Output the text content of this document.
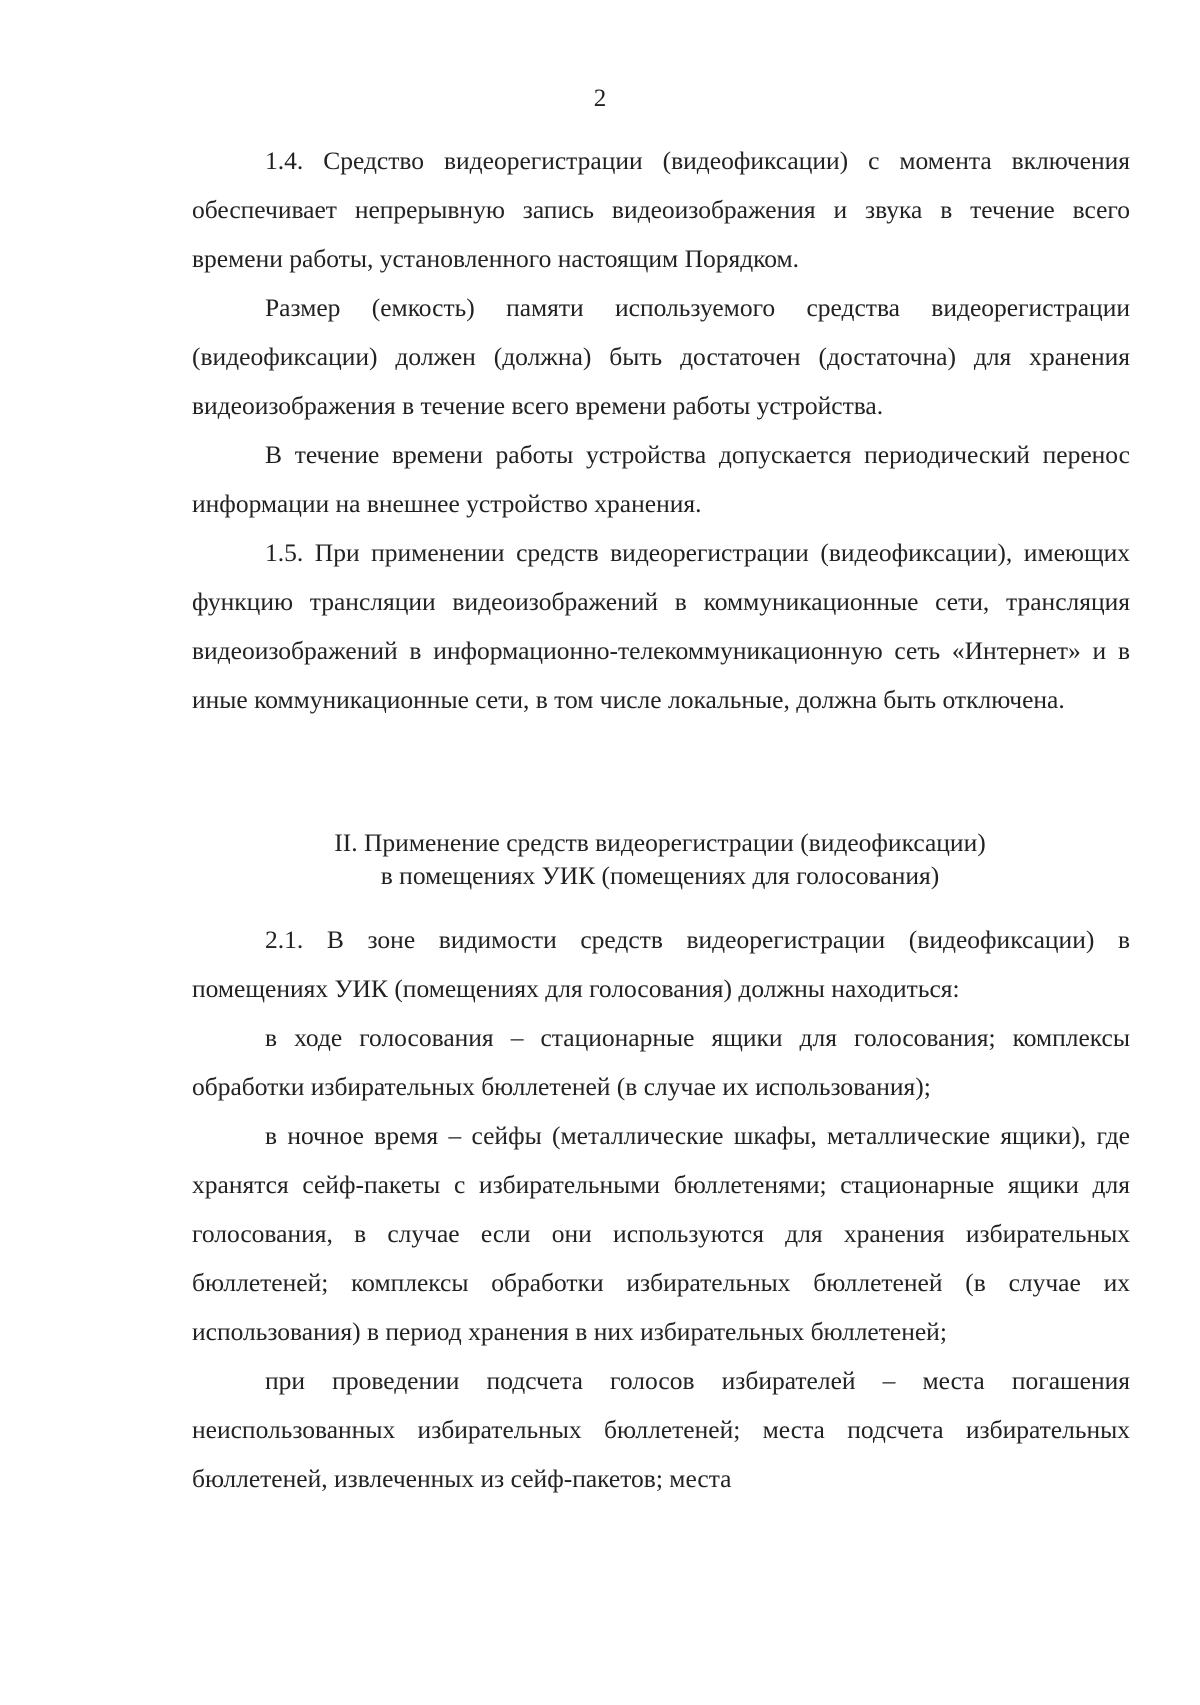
2

1.4. Средство видеорегистрации (видеофиксации) с момента включения обеспечивает непрерывную запись видеоизображения и звука в течение всего времени работы, установленного настоящим Порядком.

Размер (емкость) памяти используемого средства видеорегистрации (видеофиксации) должен (должна) быть достаточен (достаточна) для хранения видеоизображения в течение всего времени работы устройства.

В течение времени работы устройства допускается периодический перенос информации на внешнее устройство хранения.

1.5. При применении средств видеорегистрации (видеофиксации), имеющих функцию трансляции видеоизображений в коммуникационные сети, трансляция видеоизображений в информационно-телекоммуникационную сеть «Интернет» и в иные коммуникационные сети, в том числе локальные, должна быть отключена.

II. Применение средств видеорегистрации (видеофиксации)
в помещениях УИК (помещениях для голосования)

2.1. В зоне видимости средств видеорегистрации (видеофиксации) в помещениях УИК (помещениях для голосования) должны находиться:

в ходе голосования – стационарные ящики для голосования; комплексы обработки избирательных бюллетеней (в случае их использования);

в ночное время – сейфы (металлические шкафы, металлические ящики), где хранятся сейф-пакеты с избирательными бюллетенями; стационарные ящики для голосования, в случае если они используются для хранения избирательных бюллетеней; комплексы обработки избирательных бюллетеней (в случае их использования) в период хранения в них избирательных бюллетеней;

при проведении подсчета голосов избирателей – места погашения неиспользованных избирательных бюллетеней; места подсчета избирательных бюллетеней, извлеченных из сейф-пакетов; места
